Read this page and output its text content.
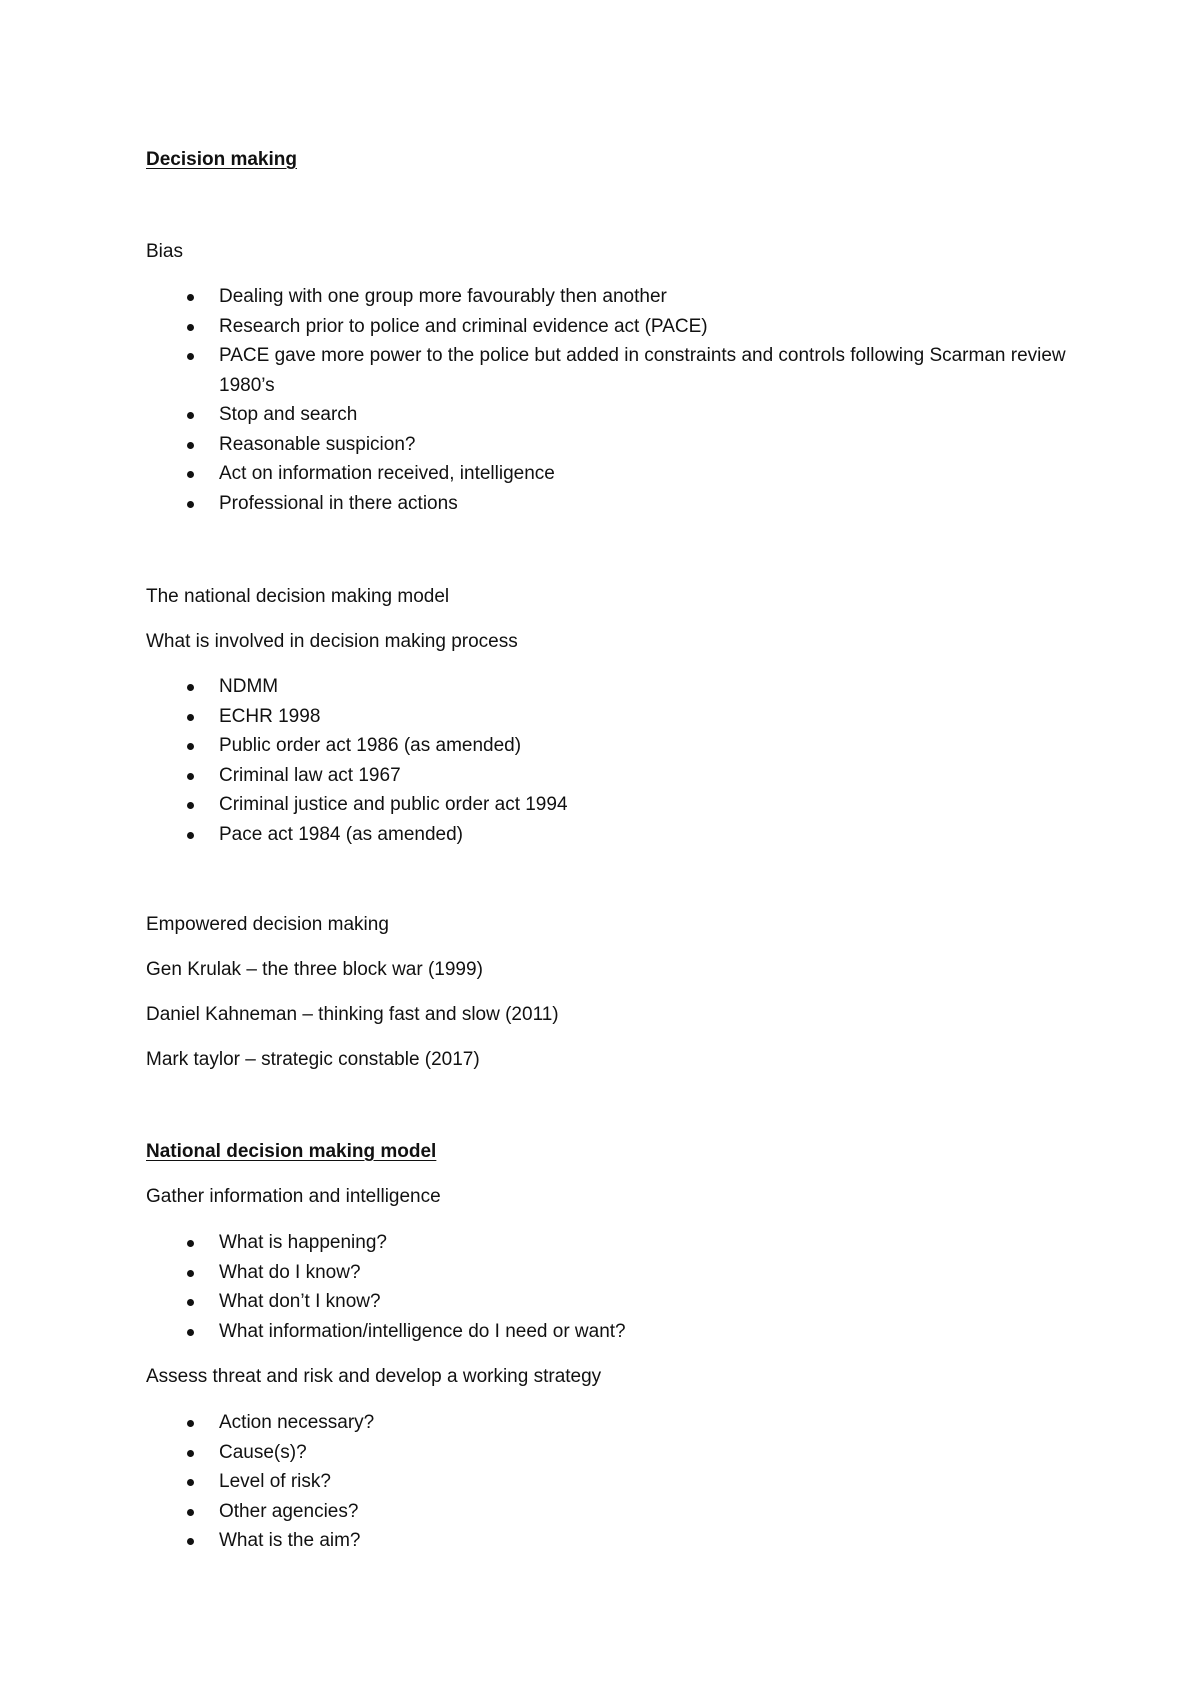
Decision making
Bias
Dealing with one group more favourably then another
Research prior to police and criminal evidence act (PACE)
PACE gave more power to the police but added in constraints and controls following Scarman review 1980’s
Stop and search
Reasonable suspicion?
Act on information received, intelligence
Professional in there actions
The national decision making model
What is involved in decision making process
NDMM
ECHR 1998
Public order act 1986 (as amended)
Criminal law act 1967
Criminal justice and public order act 1994
Pace act 1984 (as amended)
Empowered decision making
Gen Krulak – the three block war (1999)
Daniel Kahneman – thinking fast and slow (2011)
Mark taylor – strategic constable (2017)
National decision making model
Gather information and intelligence
What is happening?
What do I know?
What don’t I know?
What information/intelligence do I need or want?
Assess threat and risk and develop a working strategy
Action necessary?
Cause(s)?
Level of risk?
Other agencies?
What is the aim?
